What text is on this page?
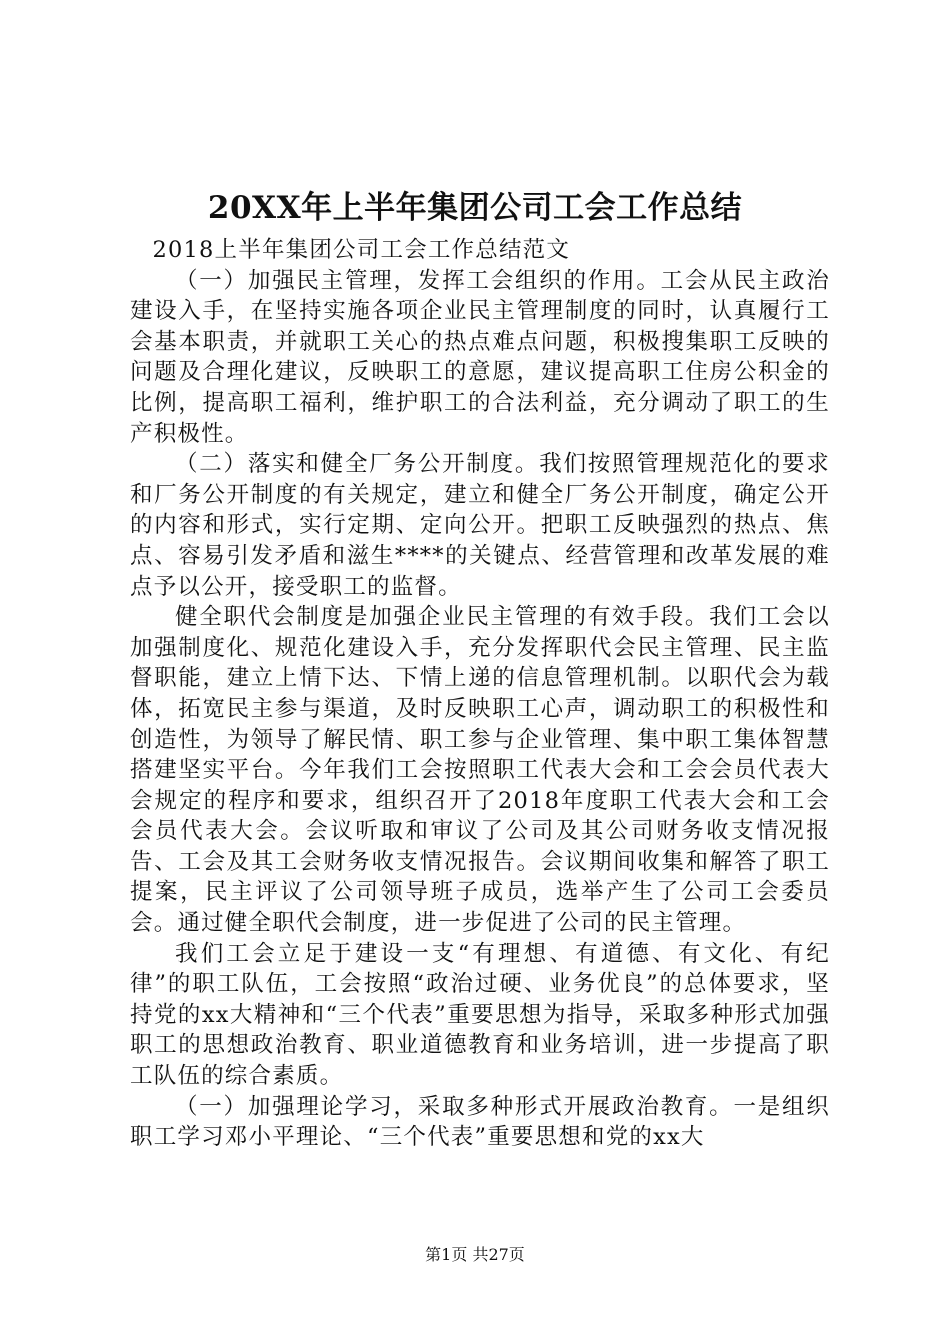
20XX年上半年集团公司工会工作总结

2018上半年集团公司工会工作总结范文

（一）加强民主管理，发挥工会组织的作用。工会从民主政治建设入手，在坚持实施各项企业民主管理制度的同时，认真履行工会基本职责，并就职工关心的热点难点问题，积极搜集职工反映的问题及合理化建议，反映职工的意愿，建议提高职工住房公积金的比例，提高职工福利，维护职工的合法利益，充分调动了职工的生产积极性。

（二）落实和健全厂务公开制度。我们按照管理规范化的要求和厂务公开制度的有关规定，建立和健全厂务公开制度，确定公开的内容和形式，实行定期、定向公开。把职工反映强烈的热点、焦点、容易引发矛盾和滋生****的关键点、经营管理和改革发展的难点予以公开，接受职工的监督。

健全职代会制度是加强企业民主管理的有效手段。我们工会以加强制度化、规范化建设入手，充分发挥职代会民主管理、民主监督职能，建立上情下达、下情上递的信息管理机制。以职代会为载体，拓宽民主参与渠道，及时反映职工心声，调动职工的积极性和创造性，为领导了解民情、职工参与企业管理、集中职工集体智慧搭建坚实平台。今年我们工会按照职工代表大会和工会会员代表大会规定的程序和要求，组织召开了2018年度职工代表大会和工会会员代表大会。会议听取和审议了公司及其公司财务收支情况报告、工会及其工会财务收支情况报告。会议期间收集和解答了职工提案，民主评议了公司领导班子成员，选举产生了公司工会委员会。通过健全职代会制度，进一步促进了公司的民主管理。

我们工会立足于建设一支“有理想、有道德、有文化、有纪律”的职工队伍，工会按照“政治过硬、业务优良”的总体要求，坚持党的xx大精神和“三个代表”重要思想为指导，采取多种形式加强职工的思想政治教育、职业道德教育和业务培训，进一步提高了职工队伍的综合素质。

（一）加强理论学习，采取多种形式开展政治教育。一是组织职工学习邓小平理论、“三个代表”重要思想和党的xx大

第1页 共27页
